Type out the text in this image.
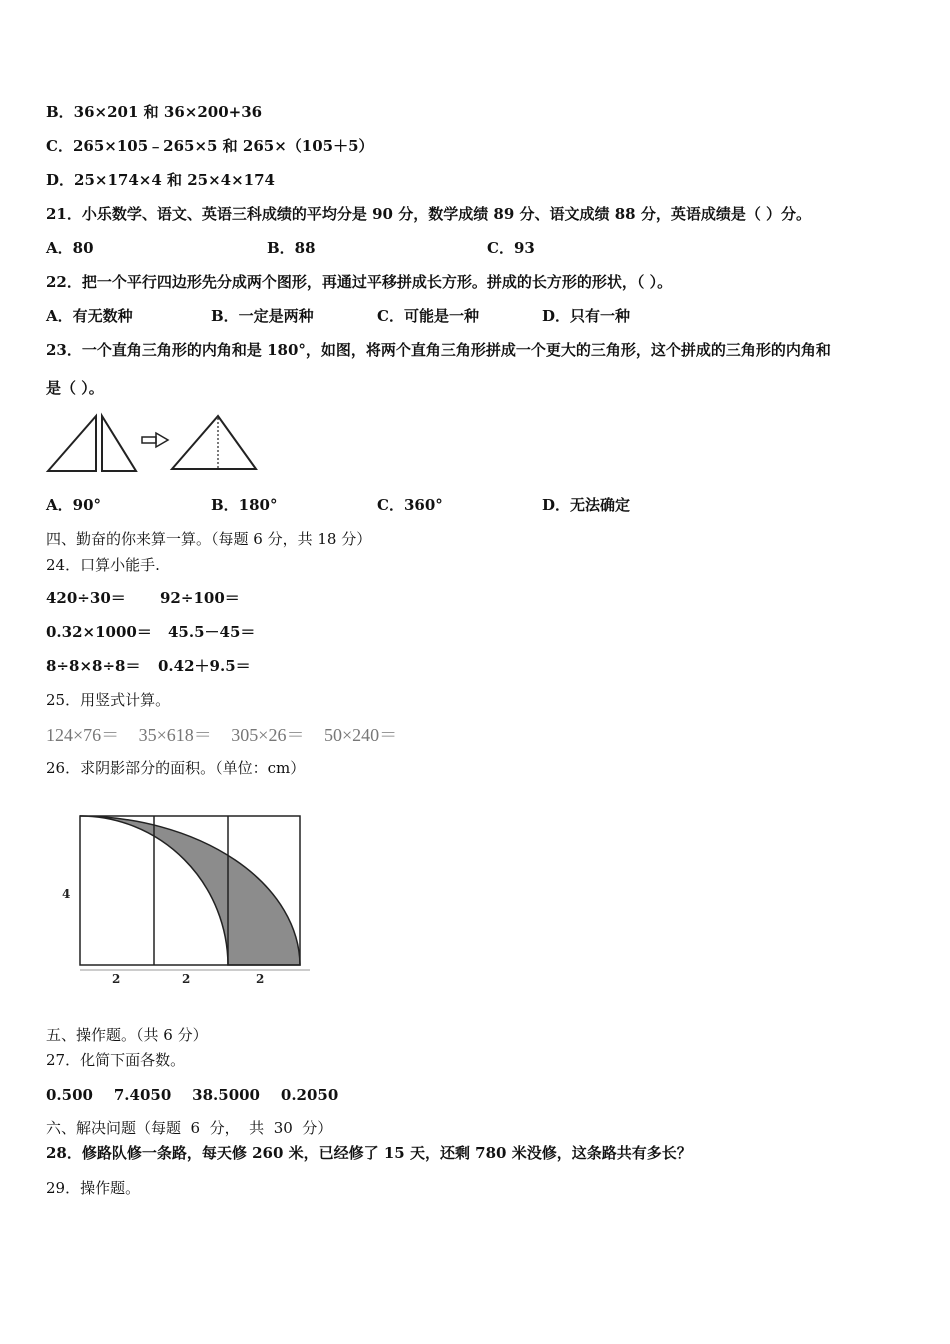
B．36×201 和 36×200+36
C．265×105﹣265×5 和 265×（105＋5）
D．25×174×4 和 25×4×174
21．小乐数学、语文、英语三科成绩的平均分是 90 分，数学成绩 89 分、语文成绩 88 分，英语成绩是（ ）分。
A．80	B．88	C．93
22．把一个平行四边形先分成两个图形，再通过平移拼成长方形。拼成的长方形的形状，（ ）。
A．有无数种	B．一定是两种	C．可能是一种	D．只有一种
23．一个直角三角形的内角和是 180°，如图，将两个直角三角形拼成一个更大的三角形，这个拼成的三角形的内角和
是（ ）。
A．90°	B．180°	C．360°	D．无法确定
四、勤奋的你来算一算。（每题 6 分，共 18 分）
24．口算小能手.
420÷30＝ 92÷100＝
0.32×1000＝ 45.5－45＝
8÷8×8÷8＝ 0.42＋9.5＝
25．用竖式计算。
124×76＝   35×618＝   305×26＝   50×240＝
26．求阴影部分的面积。（单位：cm）
4
2	2	2
五、操作题。（共 6 分）
27．化简下面各数。
0.500    7.4050    38.5000    0.2050
六、解决问题（每题  6  分，  共  30  分）
28．修路队修一条路，每天修 260 米，已经修了 15 天，还剩 780 米没修，这条路共有多长？
29．操作题。
